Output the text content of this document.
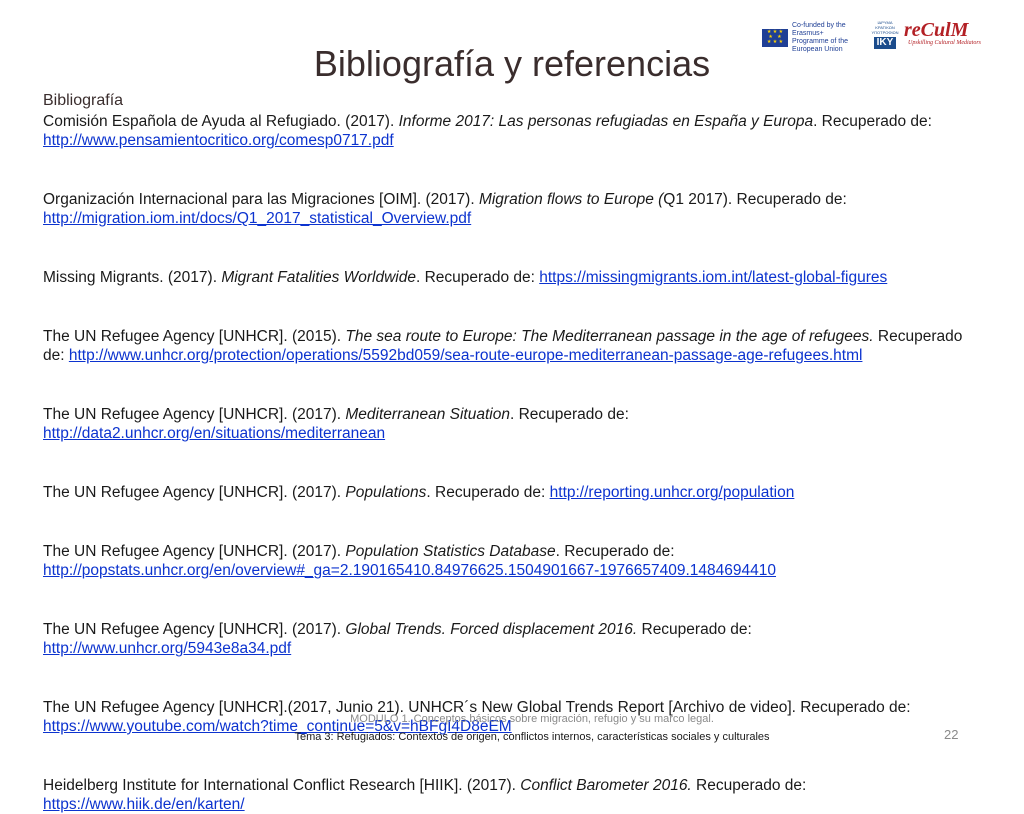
★ ★ ★
★   ★
★ ★ ★
Co-funded by the Erasmus+ Programme of the European Union
ΙΔΡΥΜΑ ΚΡΑΤΙΚΩΝ ΥΠΟΤΡΟΦΙΩΝ
IKY
reCulM
Upskilling Cultural Mediators
Bibliografía y referencias
Bibliografía
Comisión Española de Ayuda al Refugiado. (2017). Informe 2017: Las personas refugiadas en España y Europa. Recuperado de: http://www.pensamientocritico.org/comesp0717.pdf
Organización Internacional para las Migraciones [OIM]. (2017). Migration flows to Europe (Q1 2017). Recuperado de: http://migration.iom.int/docs/Q1_2017_statistical_Overview.pdf
Missing Migrants. (2017). Migrant Fatalities Worldwide. Recuperado de: https://missingmigrants.iom.int/latest-global-figures
The UN Refugee Agency [UNHCR]. (2015). The sea route to Europe: The Mediterranean passage in the age of refugees. Recuperado de: http://www.unhcr.org/protection/operations/5592bd059/sea-route-europe-mediterranean-passage-age-refugees.html
The UN Refugee Agency [UNHCR]. (2017). Mediterranean Situation. Recuperado de: http://data2.unhcr.org/en/situations/mediterranean
The UN Refugee Agency [UNHCR]. (2017). Populations. Recuperado de: http://reporting.unhcr.org/population
The UN Refugee Agency [UNHCR]. (2017). Population Statistics Database. Recuperado de: http://popstats.unhcr.org/en/overview#_ga=2.190165410.84976625.1504901667-1976657409.1484694410
The UN Refugee Agency [UNHCR]. (2017). Global Trends. Forced displacement 2016. Recuperado de: http://www.unhcr.org/5943e8a34.pdf
The UN Refugee Agency [UNHCR].(2017, Junio 21). UNHCR´s New Global Trends Report [Archivo de video]. Recuperado de: https://www.youtube.com/watch?time_continue=5&v=hBFgI4D8eEM
Heidelberg Institute for International Conflict Research [HIIK]. (2017). Conflict Barometer 2016. Recuperado de: https://www.hiik.de/en/karten/
MODULO 1. Conceptos básicos sobre migración, refugio y su marco legal.
Tema 3: Refugiados: Contextos de origen, conflictos internos, características sociales y culturales	22
